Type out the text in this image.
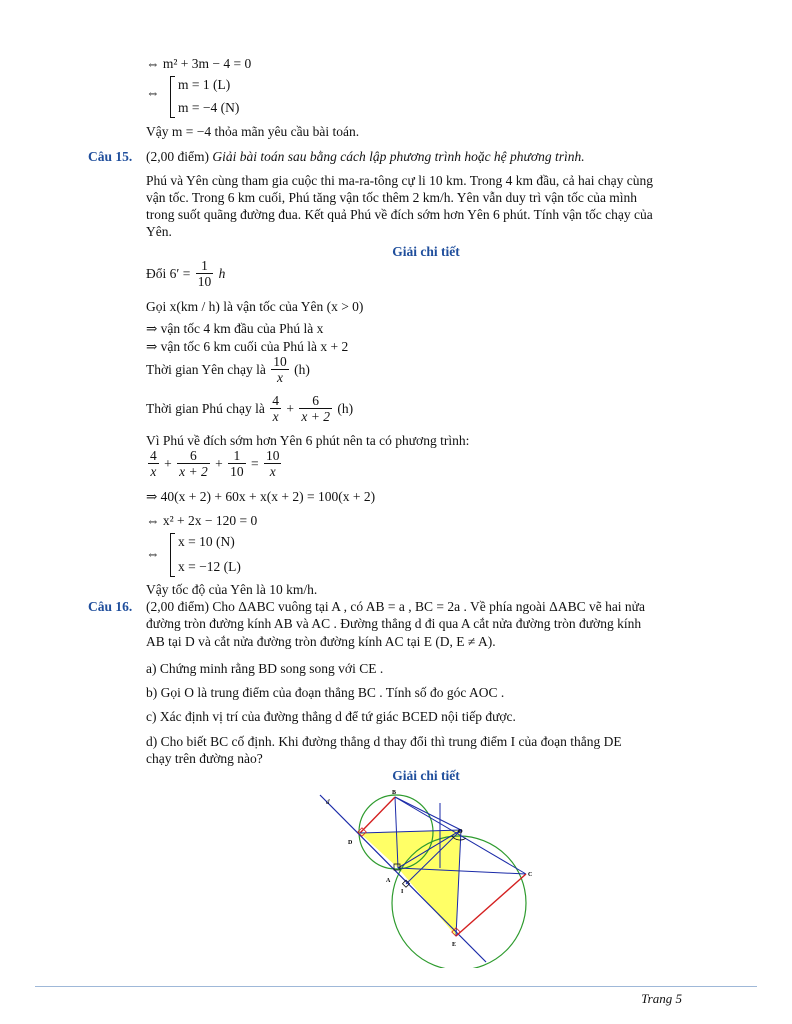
⇔ m² + 3m − 4 = 0
⇔
m = 1 (L)
m = −4 (N)
Vậy m = −4 thỏa mãn yêu cầu bài toán.
Câu 15. (2,00 điểm) Giải bài toán sau bằng cách lập phương trình hoặc hệ phương trình.
Phú và Yên cùng tham gia cuộc thi ma-ra-tông cự li 10 km. Trong 4 km đầu, cả hai chạy cùng
vận tốc. Trong 6 km cuối, Phú tăng vận tốc thêm 2 km/h. Yên vẫn duy trì vận tốc của mình
trong suốt quãng đường đua. Kết quả Phú về đích sớm hơn Yên 6 phút. Tính vận tốc chạy của
Yên.
Giải chi tiết
Đổi $6' = \frac{1}{10}$ h
Gọi x(km / h) là vận tốc của Yên (x > 0)
⇒ vận tốc 4 km đầu của Phú là x
⇒ vận tốc 6 km cuối của Phú là x + 2
Thời gian Yên chạy là $\frac{10}{x} (h)$
Thời gian Phú chạy là $\frac{4}{x} + \frac{6}{x + 2} (h)$
Vì Phú về đích sớm hơn Yên 6 phút nên ta có phương trình:
$\frac{4}{x} + \frac{6}{x + 2} + \frac{1}{10} = \frac{10}{x}$
⇒ 40(x + 2) + 60x + x(x + 2) = 100(x + 2)
⇔ x² + 2x − 120 = 0
⇔
x = 10 (N)
x = −12 (L)
Vậy tốc độ của Yên là 10 km/h.
Câu 16. (2,00 điểm) Cho ΔABC vuông tại A , có AB = a , BC = 2a . Về phía ngoài ΔABC vẽ hai nửa
đường tròn đường kính AB và AC . Đường thẳng d đi qua A cắt nửa đường tròn đường kính
AB tại D và cắt nửa đường tròn đường kính AC tại E (D, E ≠ A).
a) Chứng minh rằng BD song song với CE .
b) Gọi O là trung điểm của đoạn thẳng BC . Tính số đo góc AOC .
c) Xác định vị trí của đường thẳng d để tứ giác BCED nội tiếp được.
d) Cho biết BC cố định. Khi đường thẳng d thay đổi thì trung điểm I của đoạn thẳng DE
chạy trên đường nào?
Giải chi tiết
d
B
O
D
A
I
C
E
Trang 5
